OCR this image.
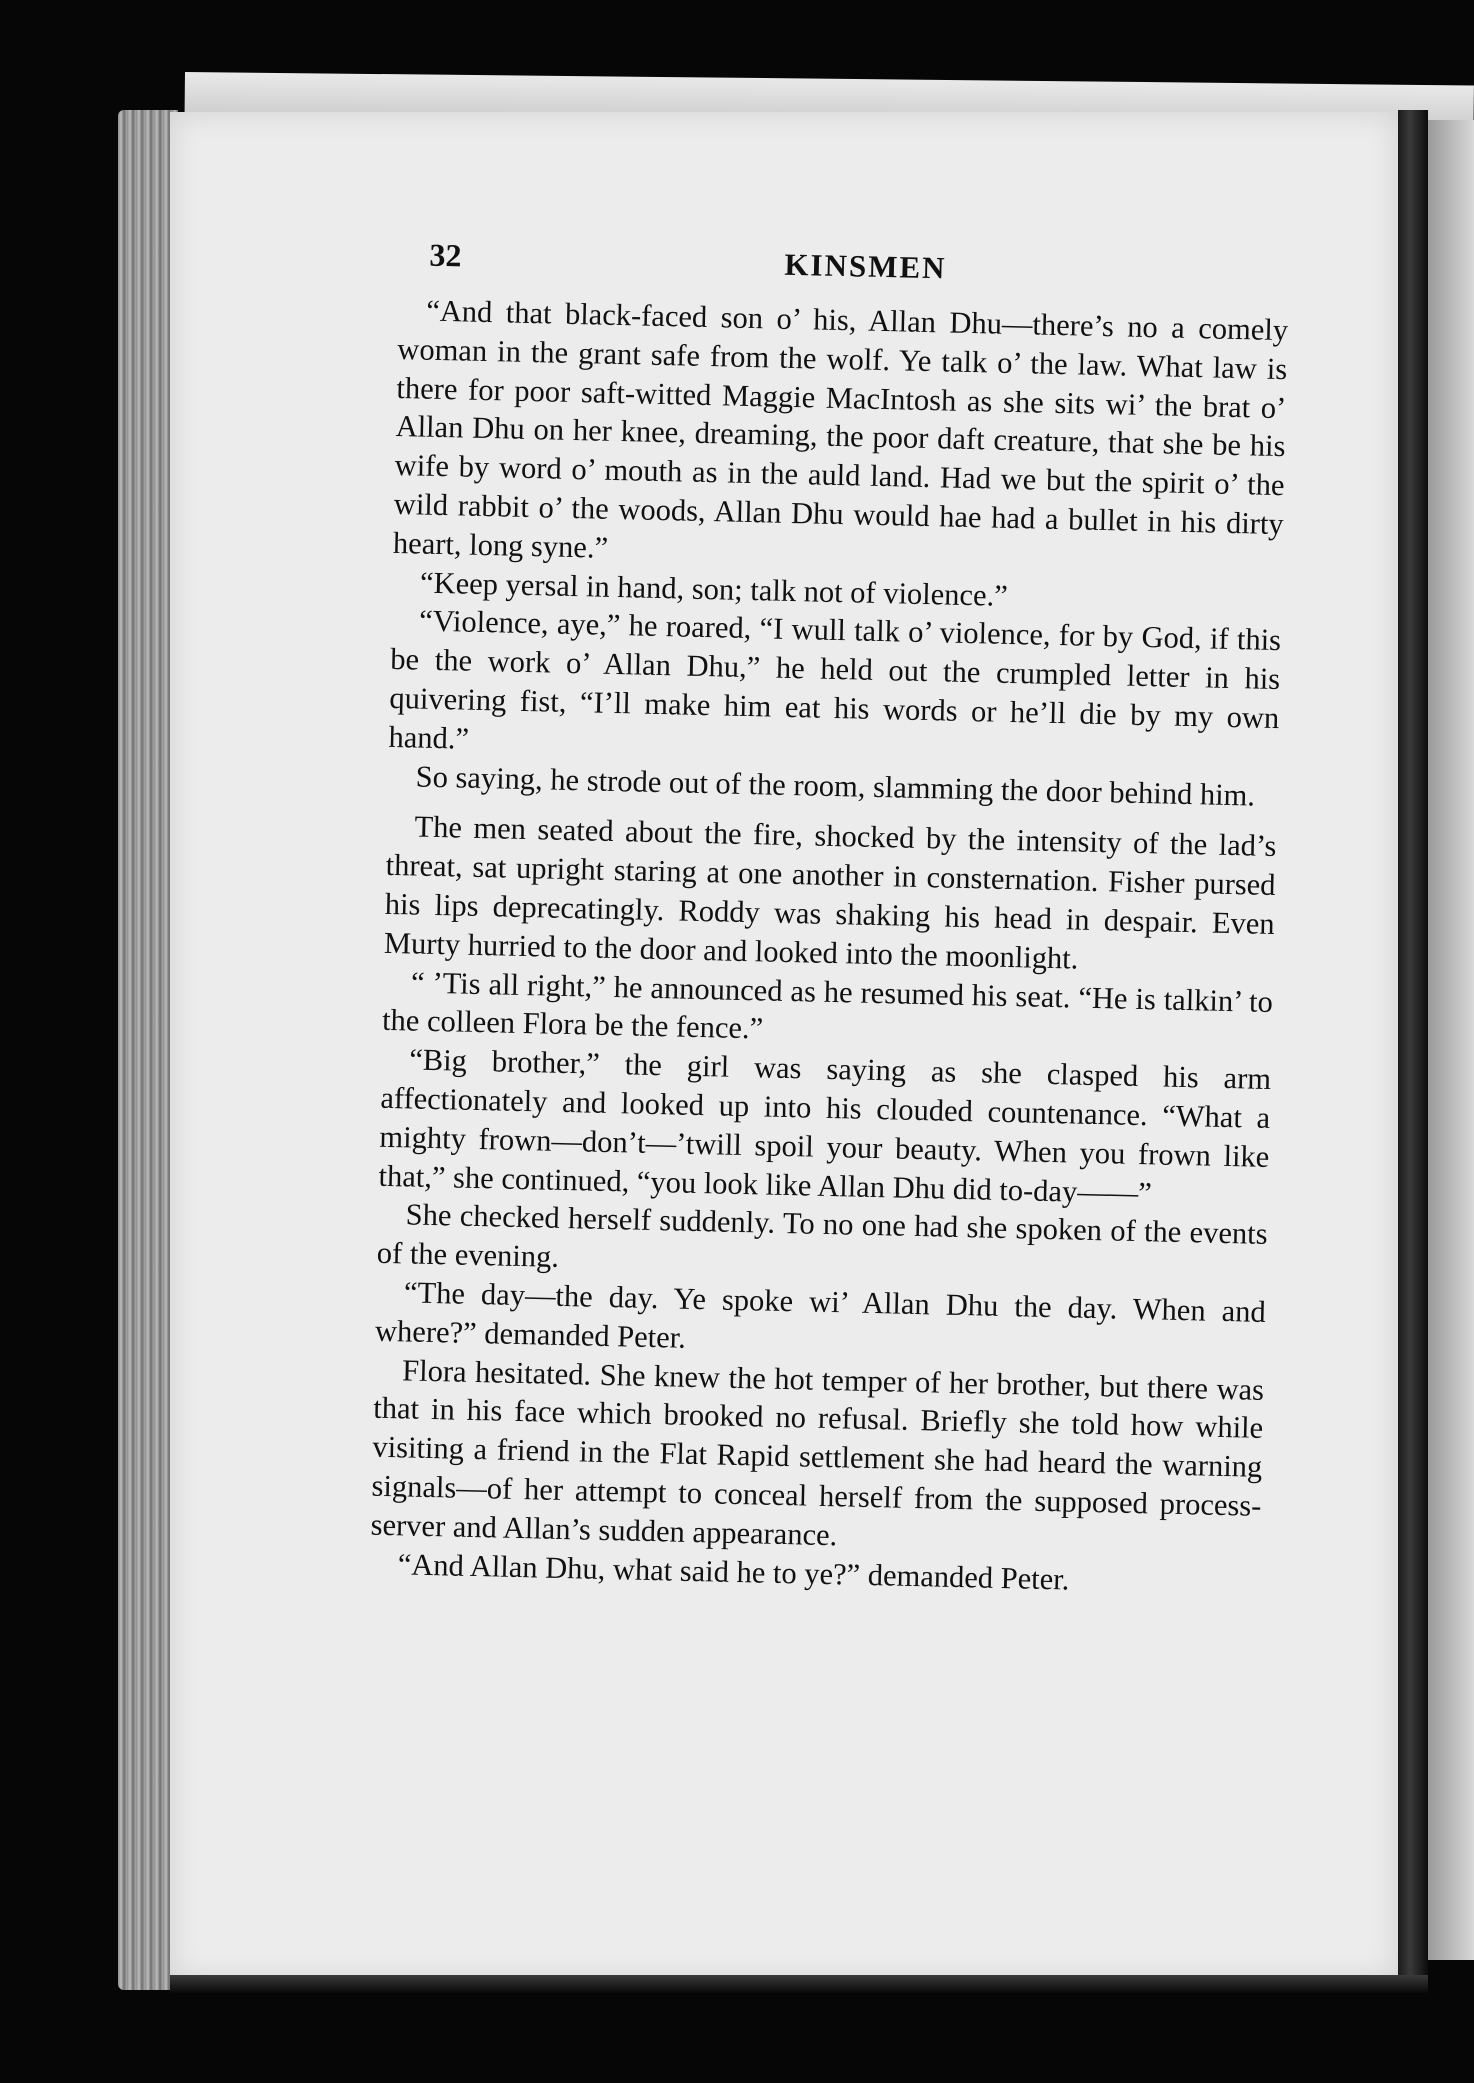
32	KINSMEN

“And that black-faced son o’ his, Allan Dhu—there’s no a comely woman in the grant safe from the wolf. Ye talk o’ the law. What law is there for poor saft-witted Maggie MacIntosh as she sits wi’ the brat o’ Allan Dhu on her knee, dreaming, the poor daft creature, that she be his wife by word o’ mouth as in the auld land. Had we but the spirit o’ the wild rabbit o’ the woods, Allan Dhu would hae had a bullet in his dirty heart, long syne.”

“Keep yersal in hand, son; talk not of violence.”

“Violence, aye,” he roared, “I wull talk o’ violence, for by God, if this be the work o’ Allan Dhu,” he held out the crumpled letter in his quivering fist, “I’ll make him eat his words or he’ll die by my own hand.”

So saying, he strode out of the room, slamming the door behind him.

The men seated about the fire, shocked by the intensity of the lad’s threat, sat upright staring at one another in consternation. Fisher pursed his lips deprecatingly. Roddy was shaking his head in despair. Even Murty hurried to the door and looked into the moonlight.

“ ’Tis all right,” he announced as he resumed his seat. “He is talkin’ to the colleen Flora be the fence.”

“Big brother,” the girl was saying as she clasped his arm affectionately and looked up into his clouded countenance. “What a mighty frown—don’t—’twill spoil your beauty. When you frown like that,” she continued, “you look like Allan Dhu did to-day——”

She checked herself suddenly. To no one had she spoken of the events of the evening.

“The day—the day. Ye spoke wi’ Allan Dhu the day. When and where?” demanded Peter.

Flora hesitated. She knew the hot temper of her brother, but there was that in his face which brooked no refusal. Briefly she told how while visiting a friend in the Flat Rapid settlement she had heard the warning signals—of her attempt to conceal herself from the supposed process-server and Allan’s sudden appearance.

“And Allan Dhu, what said he to ye?” demanded Peter.
